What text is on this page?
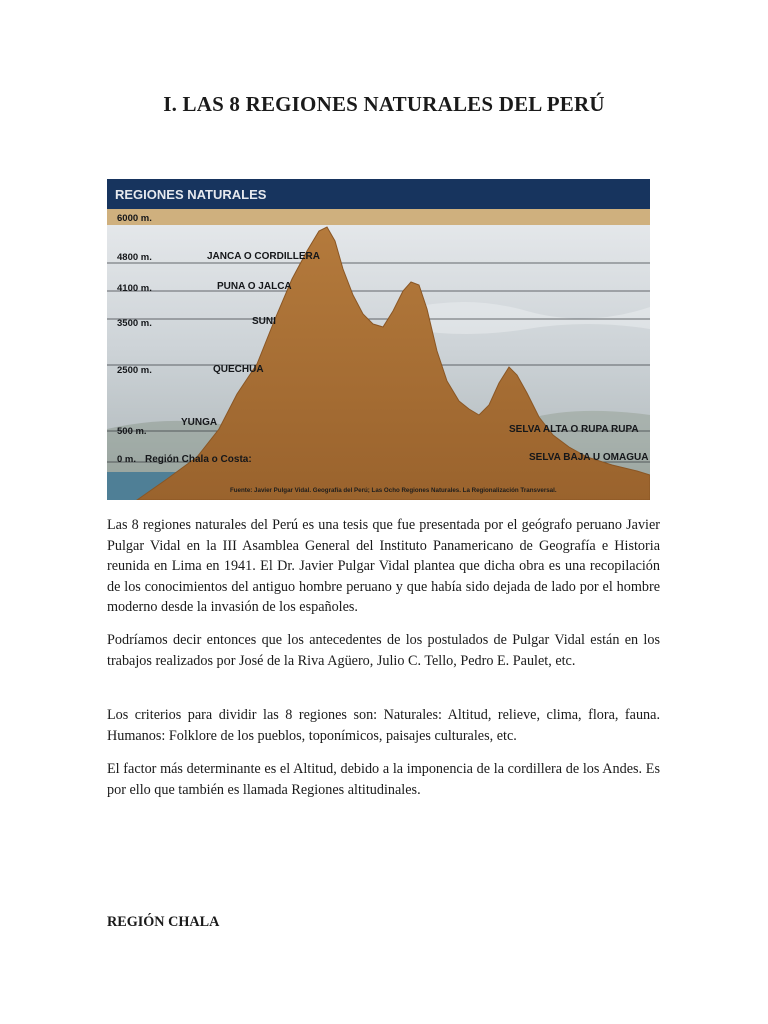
I. LAS 8 REGIONES NATURALES DEL PERÚ
REGIONES NATURALES
6000 m.
4800 m.
4100 m.
3500 m.
2500 m.
500 m.
0 m.
JANCA O CORDILLERA
PUNA O JALCA
SUNI
QUECHUA
YUNGA
Región Chala o Costa:
SELVA ALTA O RUPA RUPA
SELVA BAJA U OMAGUA
Fuente: Javier Pulgar Vidal. Geografía del Perú; Las Ocho Regiones Naturales. La Regionalización Transversal.

Las 8 regiones naturales del Perú es una tesis que fue presentada por el geógrafo peruano Javier Pulgar Vidal en la III Asamblea General del Instituto Panamericano de Geografía e Historia reunida en Lima en 1941. El Dr. Javier Pulgar Vidal plantea que dicha obra es una recopilación de los conocimientos del antiguo hombre peruano y que había sido dejada de lado por el hombre moderno desde la invasión de los españoles.

Podríamos decir entonces que los antecedentes de los postulados de Pulgar Vidal están en los trabajos realizados por José de la Riva Agüero, Julio C. Tello, Pedro E. Paulet, etc.

Los criterios para dividir las 8 regiones son: Naturales: Altitud, relieve, clima, flora, fauna. Humanos: Folklore de los pueblos, toponímicos, paisajes culturales, etc.

El factor más determinante es el Altitud, debido a la imponencia de la cordillera de los Andes. Es por ello que también es llamada Regiones altitudinales.

REGIÓN CHALA
